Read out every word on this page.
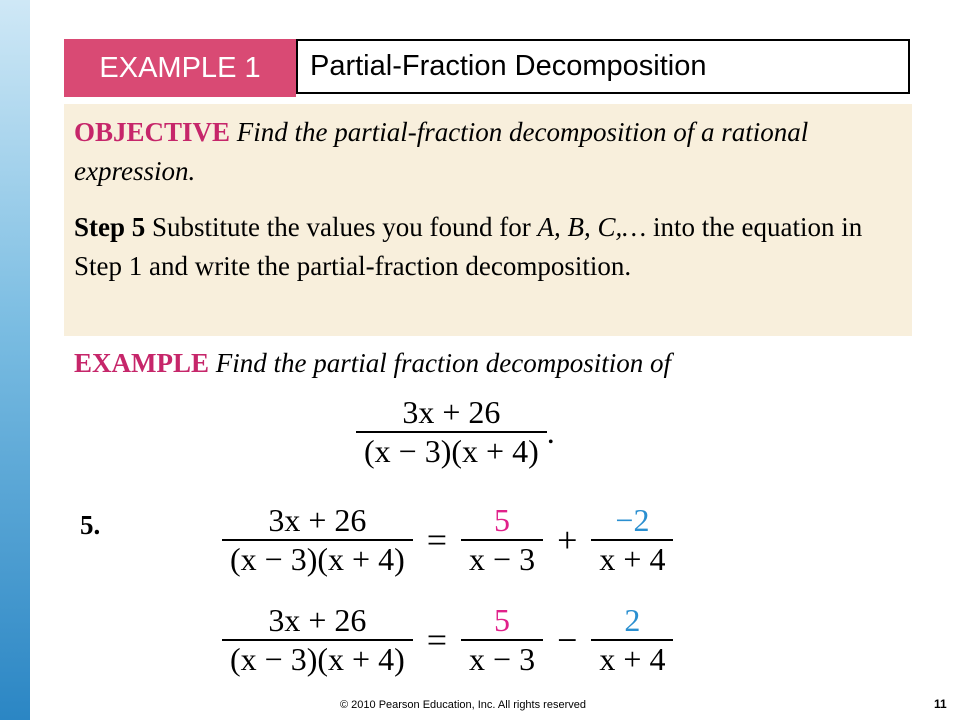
EXAMPLE 1 Partial-Fraction Decomposition
OBJECTIVE Find the partial-fraction decomposition of a rational expression.
Step 5 Substitute the values you found for A, B, C,… into the equation in Step 1 and write the partial-fraction decomposition.
EXAMPLE Find the partial fraction decomposition of
$\frac{3x + 26}{(x - 3)(x + 4)}$ .
5.	$\frac{3x + 26}{(x - 3)(x + 4)} = \frac{5}{x - 3} + \frac{-2}{x + 4}$
$\frac{3x + 26}{(x - 3)(x + 4)} = \frac{5}{x - 3} - \frac{2}{x + 4}$
© 2010 Pearson Education, Inc. All rights reserved	11
